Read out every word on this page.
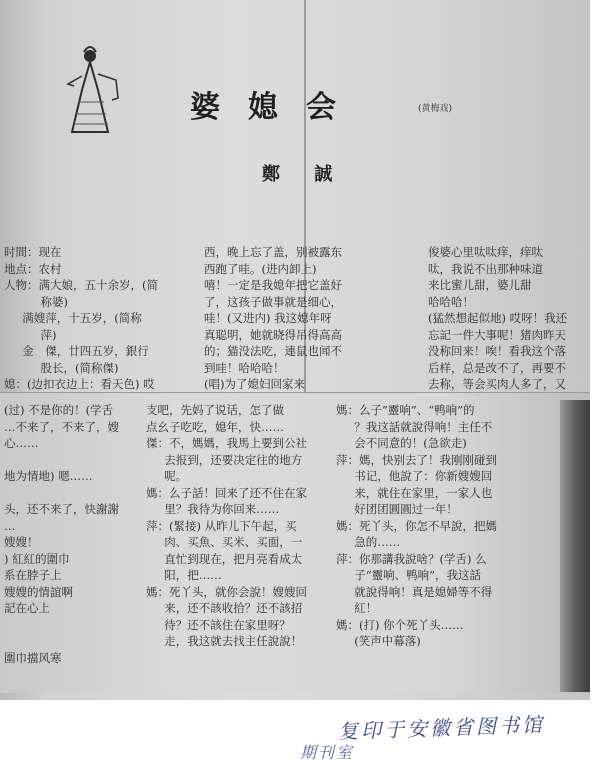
婆媳会	(黄梅戏)
鄭 誠
时間：现在
地点：农村
人物：满大娘，五十余岁，(简
称婆)
满嫂萍，十五岁，(简称
萍)
金　傑，廿四五岁，銀行
股长，(简称傑)
媳：(边扣衣边上：看天色) 哎
西，晚上忘了盖，别被露东
西跑了哇。(进内卸上)
嘻！一定是我媳年把它盖好
了，这孩子做事就是细心，
哇！(又进内) 我这媳年呀
真聪明，她就晓得吊得高高
的；猫没法吃，連鼠也闻不
到哇！哈哈哈！
(唱)为了媳妇回家来
俊婆心里呔呔痒，痒呔
呔，我说不出那种味道
来比蜜儿甜，婆儿甜
哈哈哈！
(猛然想起似地) 哎呀！我还
忘記一件大事呢！猪肉昨天
没称回来！唉！看我这个落
后样，总是改不了，再要不
去称，等会买肉人多了，又
(过) 不是你的！(学舌
…不来了，不来了，嫂
心……

地为情地) 嗯……

头，还不来了，快謝謝
…
嫂嫂！
) 紅紅的圍巾
系在脖子上
嫂嫂的情誼啊
記在心上

圍巾擋风寒
支吧，先妈了说话，怎了做
点幺子吃吃，媳年，快……
傑：不，媽媽，我馬上要到公社
去报到，还要决定往的地方
呢。
媽：么子話！回来了还不住在家
里？我待为你回来……
萍：(緊接) 从昨儿下午起，买
肉、买魚、买米、买面，一
直忙到现在，把月亮看成太
阳，把……
媽：死丫头，就你会說！嫂嫂回
来，还不該收拾？还不該招
待？还不該住在家里呀？
走，我这就去找主任說說！
媽：么子“靈响”、“鸭响”的
？我这話就說得响！主任不
会不同意的！(急欲走)
萍：媽，快别去了！我刚刚碰到
书记，他說了：你新嫂嫂回
来，就住在家里，一家人也
好团团圓圓过一年！
媽：死丫头，你怎不早說，把媽
急的……
萍：你那講我說啥？(学舌) 么
子“靈响、鸭响”，我这話
就說得响！真是媳婦等不得
紅！
媽：(打) 你个死丫头……
(笑声中幕落)
复印于安徽省图书馆
期刊室
